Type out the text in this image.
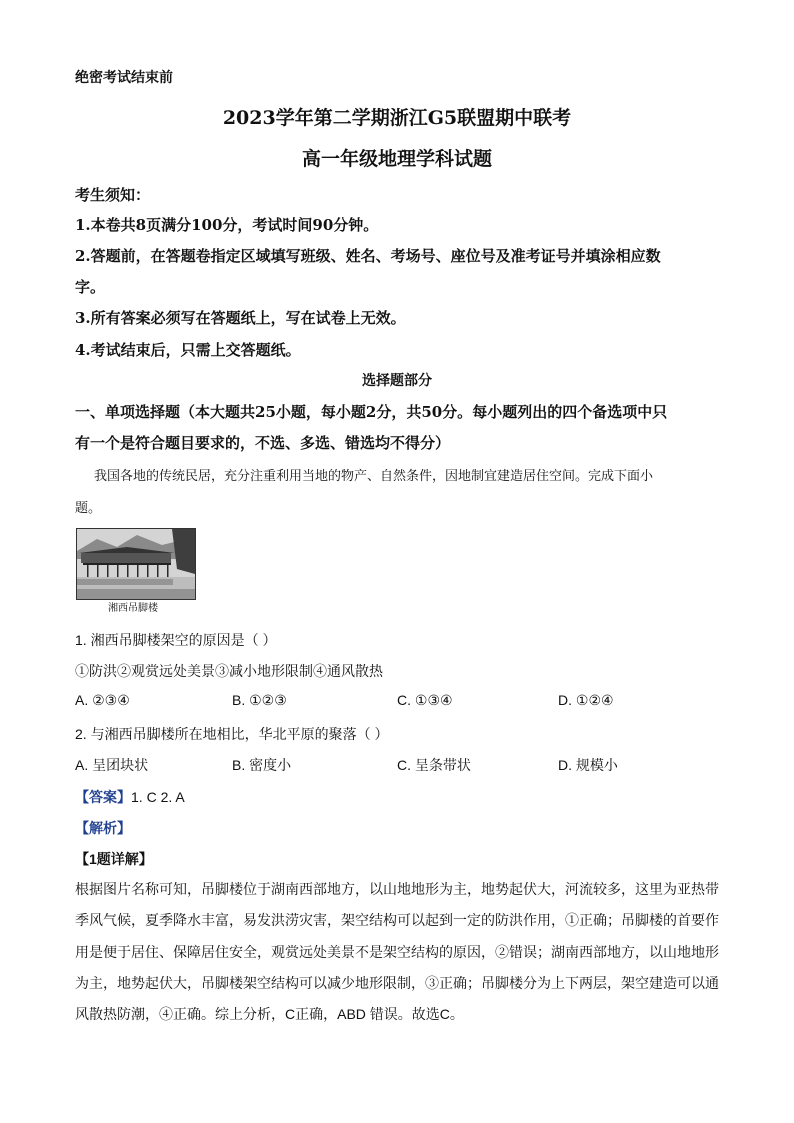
绝密考试结束前
2023学年第二学期浙江G5联盟期中联考
高一年级地理学科试题
考生须知：
1.本卷共8页满分100分，考试时间90分钟。
2.答题前，在答题卷指定区域填写班级、姓名、考场号、座位号及准考证号并填涂相应数
字。
3.所有答案必须写在答题纸上，写在试卷上无效。
4.考试结束后，只需上交答题纸。
选择题部分
一、单项选择题（本大题共25小题，每小题2分，共50分。每小题列出的四个备选项中只
有一个是符合题目要求的，不选、多选、错选均不得分）
我国各地的传统民居，充分注重利用当地的物产、自然条件，因地制宜建造居住空间。完成下面小
题。
湘西吊脚楼
1. 湘西吊脚楼架空的原因是（ ）
①防洪②观赏远处美景③减小地形限制④通风散热
A. ②③④	B. ①②③	C. ①③④	D. ①②④
2. 与湘西吊脚楼所在地相比，华北平原的聚落（ ）
A. 呈团块状	B. 密度小	C. 呈条带状	D. 规模小
【答案】1. C 2. A
【解析】
【1题详解】
根据图片名称可知，吊脚楼位于湖南西部地方，以山地地形为主，地势起伏大，河流较多，这里为亚热带
季风气候，夏季降水丰富，易发洪涝灾害，架空结构可以起到一定的防洪作用，①正确；吊脚楼的首要作
用是便于居住、保障居住安全，观赏远处美景不是架空结构的原因，②错误；湖南西部地方，以山地地形
为主，地势起伏大，吊脚楼架空结构可以减少地形限制，③正确；吊脚楼分为上下两层，架空建造可以通
风散热防潮，④正确。综上分析，C正确，ABD 错误。故选C。
